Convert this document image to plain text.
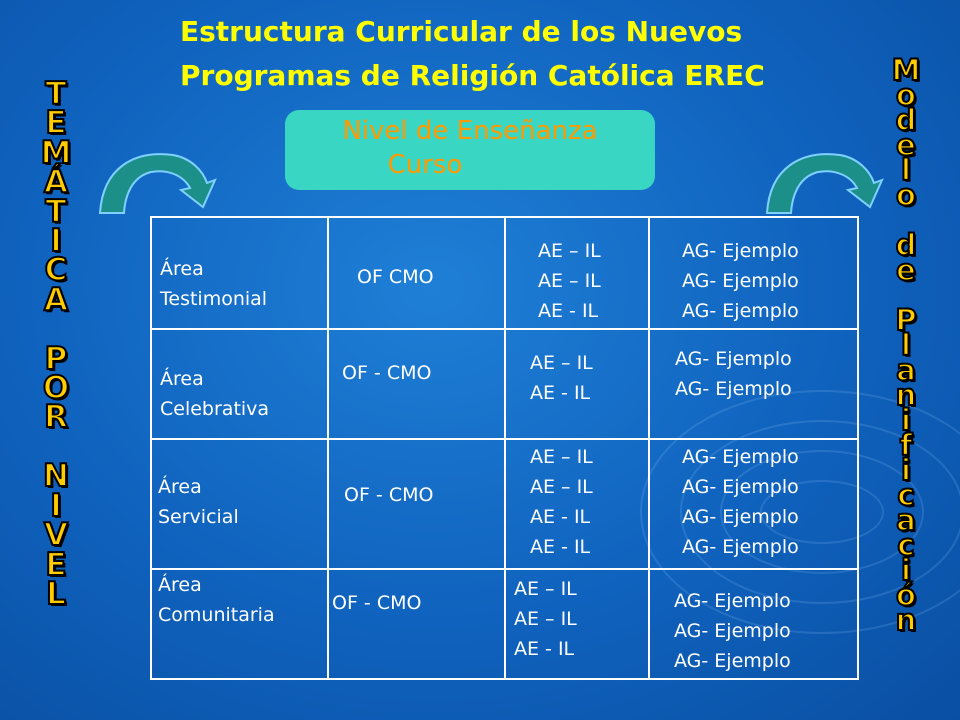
Estructura Curricular de los Nuevos
Programas de Religión Católica EREC
Nivel de Enseñanza
Curso
T
E
M
Á
T
I
C
A

P
O
R

N
I
V
E
L
M
o
d
e
l
o

d
e

P
l
a
n
i
f
i
c
a
c
i
ó
n
Área
Testimonial
OF CMO
AE – IL
AE – IL
AE - IL
AG- Ejemplo
AG- Ejemplo
AG- Ejemplo
Área
Celebrativa
OF - CMO	AE – IL
AE - IL
AG- Ejemplo
AG- Ejemplo
Área
Servicial
OF - CMO
AE – IL
AE – IL
AE - IL
AE - IL
AG- Ejemplo
AG- Ejemplo
AG- Ejemplo
AG- Ejemplo
Área
Comunitaria
OF - CMO
AE – IL
AE – IL
AE - IL
AG- Ejemplo
AG- Ejemplo
AG- Ejemplo
